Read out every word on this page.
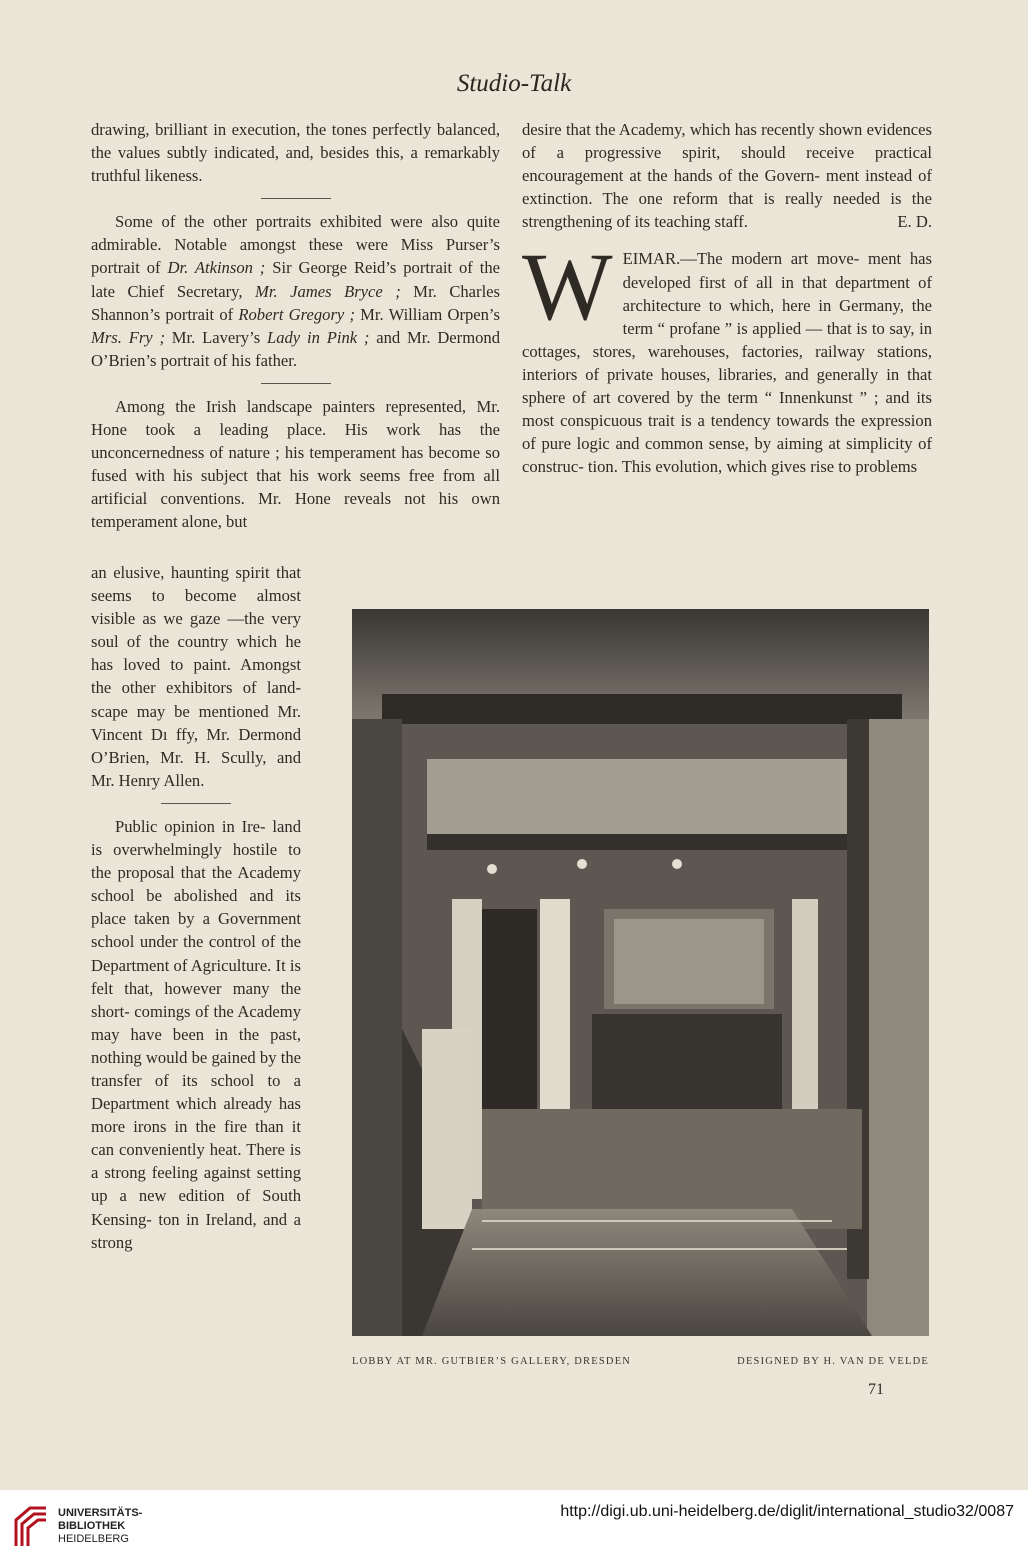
Studio-Talk

drawing, brilliant in execution, the tones perfectly balanced, the values subtly indicated, and, besides this, a remarkably truthful likeness.

Some of the other portraits exhibited were also quite admirable. Notable amongst these were Miss Purser’s portrait of Dr. Atkinson ; Sir George Reid’s portrait of the late Chief Secretary, Mr. James Bryce ; Mr. Charles Shannon’s portrait of Robert Gregory ; Mr. William Orpen’s Mrs. Fry ; Mr. Lavery’s Lady in Pink ; and Mr. Dermond O’Brien’s portrait of his father.

Among the Irish landscape painters represented, Mr. Hone took a leading place. His work has the unconcernedness of nature ; his temperament has become so fused with his subject that his work seems free from all artificial conventions. Mr. Hone reveals not his own temperament alone, but

an elusive, haunting spirit that seems to become almost visible as we gaze —the very soul of the country which he has loved to paint. Amongst the other exhibitors of land- scape may be mentioned Mr. Vincent Dı ffy, Mr. Dermond O’Brien, Mr. H. Scully, and Mr. Henry Allen.

Public opinion in Ire- land is overwhelmingly hostile to the proposal that the Academy school be abolished and its place taken by a Government school under the control of the Department of Agriculture. It is felt that, however many the short- comings of the Academy may have been in the past, nothing would be gained by the transfer of its school to a Department which already has more irons in the fire than it can conveniently heat. There is a strong feeling against setting up a new edition of South Kensing- ton in Ireland, and a strong

desire that the Academy, which has recently shown evidences of a progressive spirit, should receive practical encouragement at the hands of the Govern- ment instead of extinction. The one reform that is really needed is the strengthening of its teaching staff.	E. D.

WEIMAR.—The modern art move- ment has developed first of all in that department of architecture to which, here in Germany, the term “ profane ” is applied — that is to say, in cottages, stores, warehouses, factories, railway stations, interiors of private houses, libraries, and generally in that sphere of art covered by the term “ Innenkunst ” ; and its most conspicuous trait is a tendency towards the expression of pure logic and common sense, by aiming at simplicity of construc- tion. This evolution, which gives rise to problems

LOBBY AT MR. GUTBIER’S GALLERY, DRESDEN	DESIGNED BY H. VAN DE VELDE
71
UNIVERSITÄTS-
BIBLIOTHEK
HEIDELBERG
http://digi.ub.uni-heidelberg.de/diglit/international_studio32/0087
